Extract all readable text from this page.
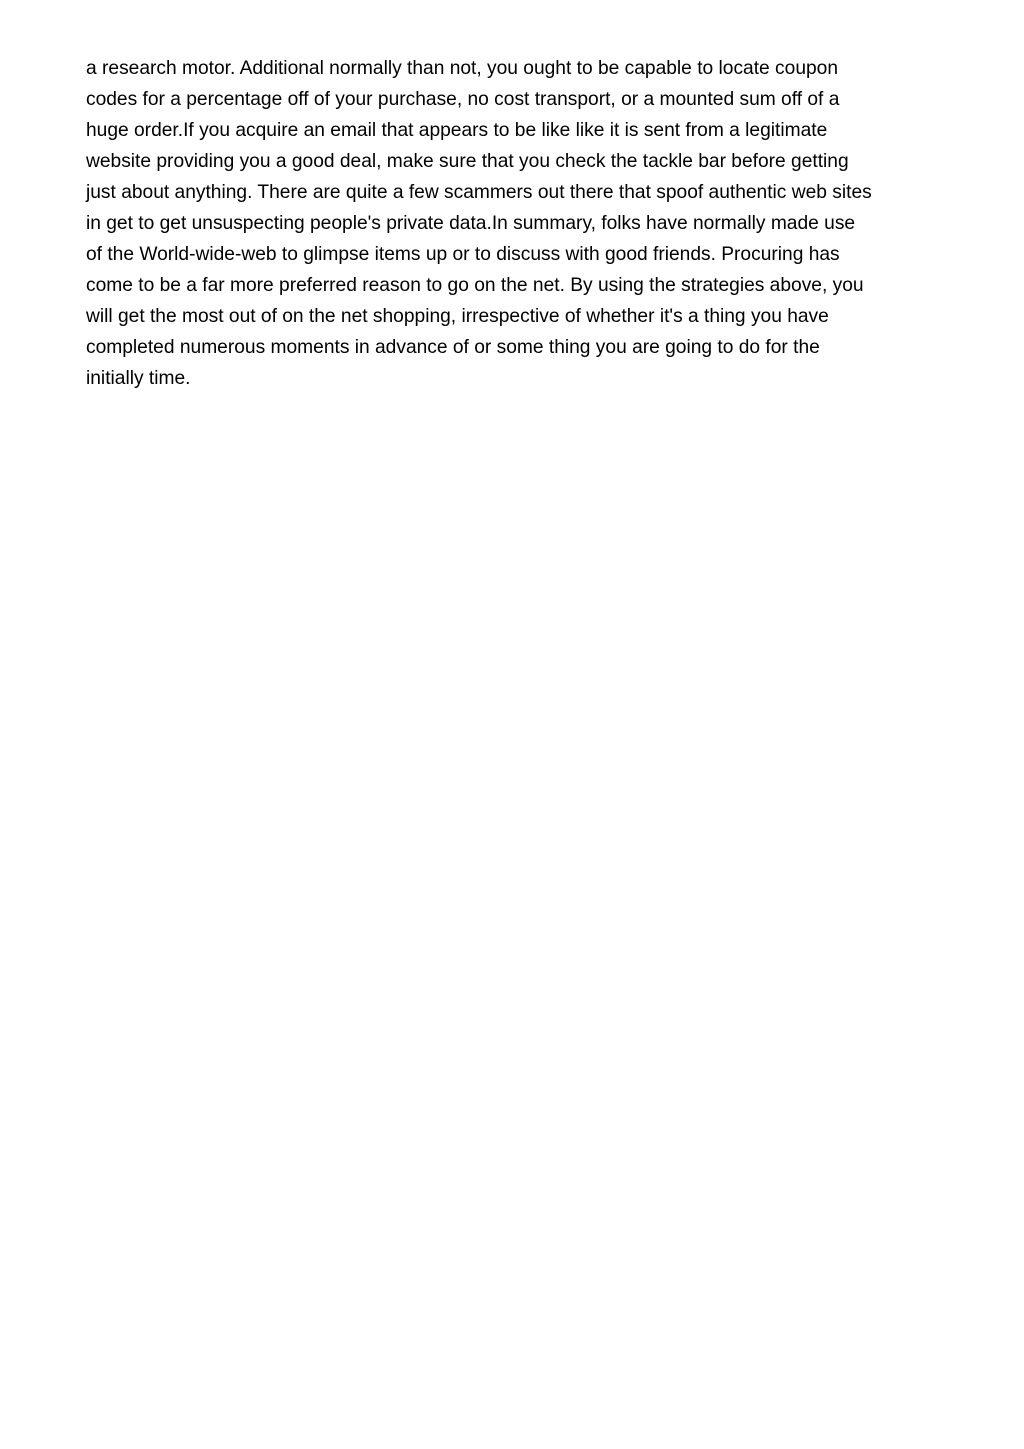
a research motor. Additional normally than not, you ought to be capable to locate coupon
codes for a percentage off of your purchase, no cost transport, or a mounted sum off of a
huge order.If you acquire an email that appears to be like like it is sent from a legitimate
website providing you a good deal, make sure that you check the tackle bar before getting
just about anything. There are quite a few scammers out there that spoof authentic web sites
in get to get unsuspecting people's private data.In summary, folks have normally made use
of the World-wide-web to glimpse items up or to discuss with good friends. Procuring has
come to be a far more preferred reason to go on the net. By using the strategies above, you
will get the most out of on the net shopping, irrespective of whether it's a thing you have
completed numerous moments in advance of or some thing you are going to do for the
initially time.
